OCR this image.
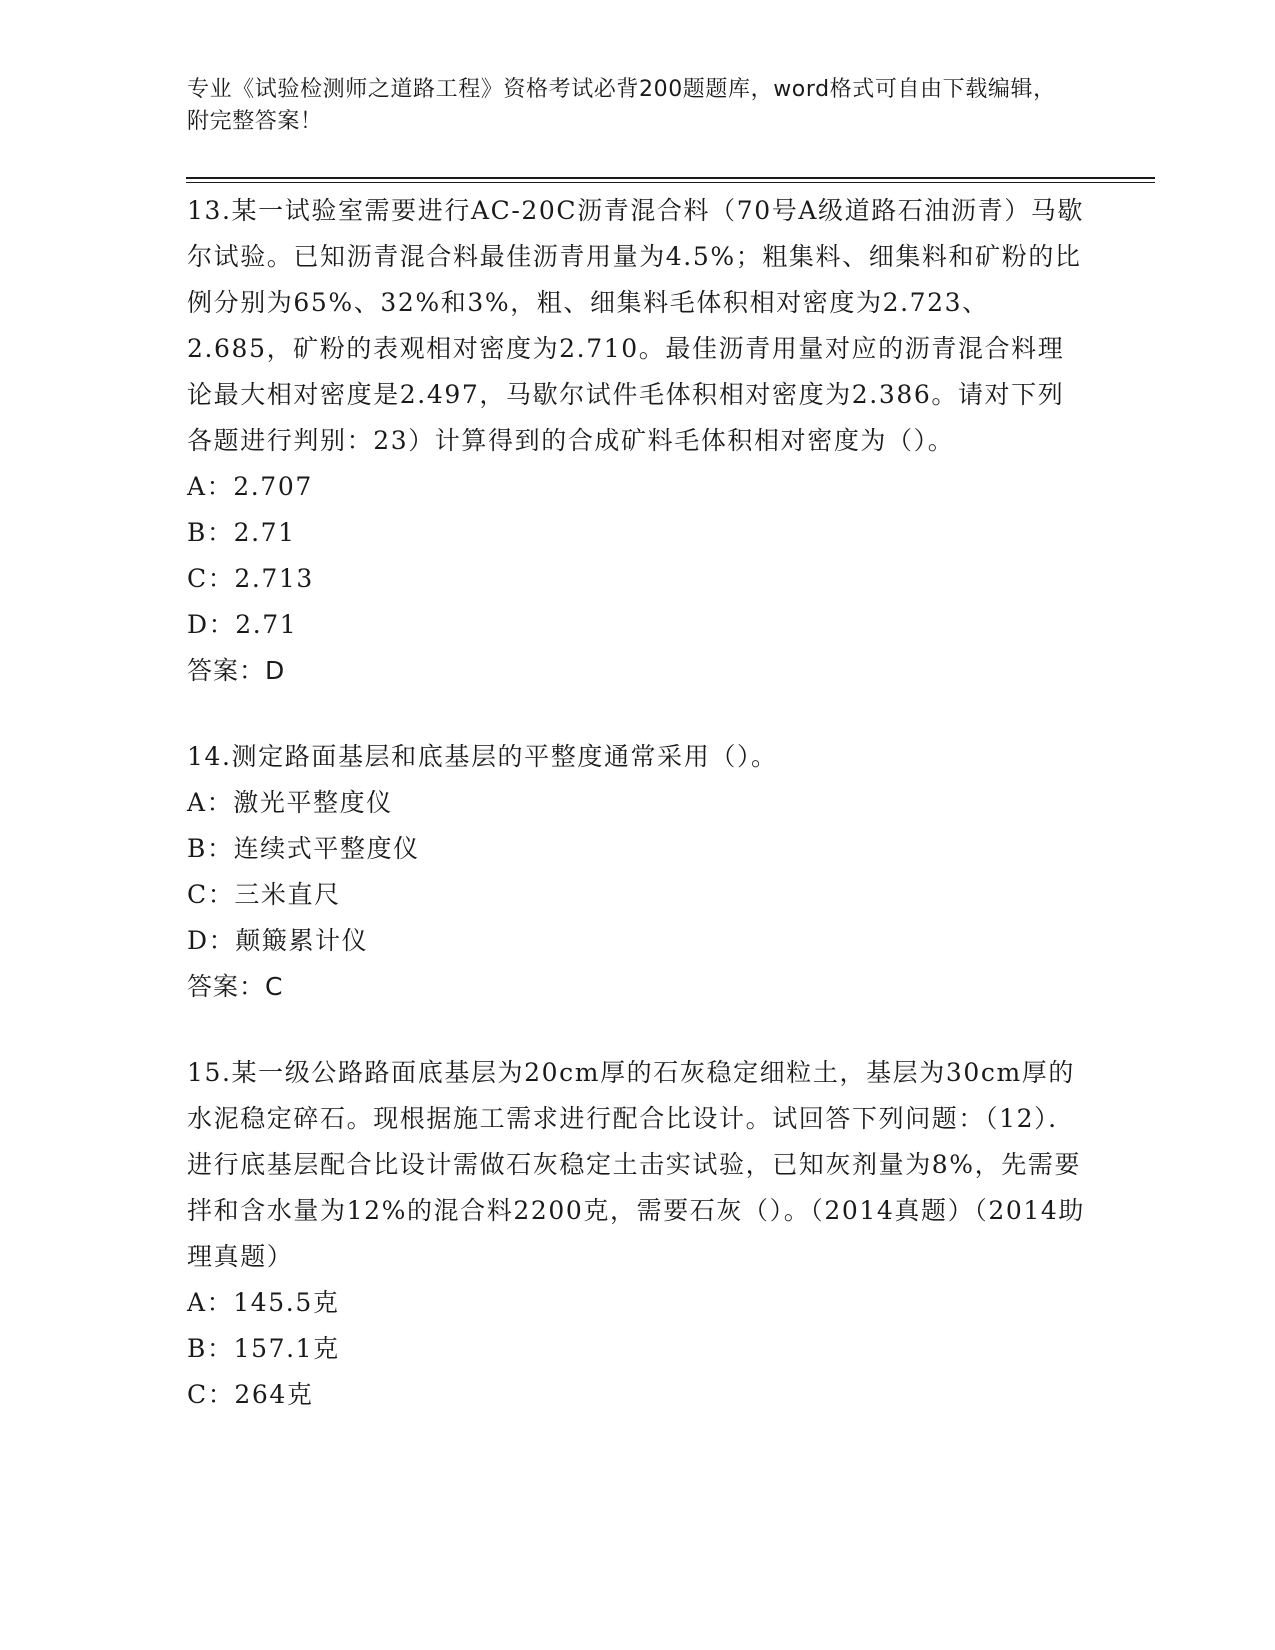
专业《试验检测师之道路工程》资格考试必背200题题库，word格式可自由下载编辑，附完整答案！

13.某一试验室需要进行AC-20C沥青混合料（70号A级道路石油沥青）马歇尔试验。已知沥青混合料最佳沥青用量为4.5%；粗集料、细集料和矿粉的比例分别为65%、32%和3%，粗、细集料毛体积相对密度为2.723、2.685，矿粉的表观相对密度为2.710。最佳沥青用量对应的沥青混合料理论最大相对密度是2.497，马歇尔试件毛体积相对密度为2.386。请对下列各题进行判别：23）计算得到的合成矿料毛体积相对密度为（）。

A：2.707

B：2.71

C：2.713

D：2.71

答案：D

14.测定路面基层和底基层的平整度通常采用（）。

A：激光平整度仪

B：连续式平整度仪

C：三米直尺

D：颠簸累计仪

答案：C

15.某一级公路路面底基层为20cm厚的石灰稳定细粒土，基层为30cm厚的水泥稳定碎石。现根据施工需求进行配合比设计。试回答下列问题：（12）．进行底基层配合比设计需做石灰稳定土击实试验，已知灰剂量为8%，先需要拌和含水量为12%的混合料2200克，需要石灰（）。（2014真题）（2014助理真题）

A：145.5克

B：157.1克

C：264克
